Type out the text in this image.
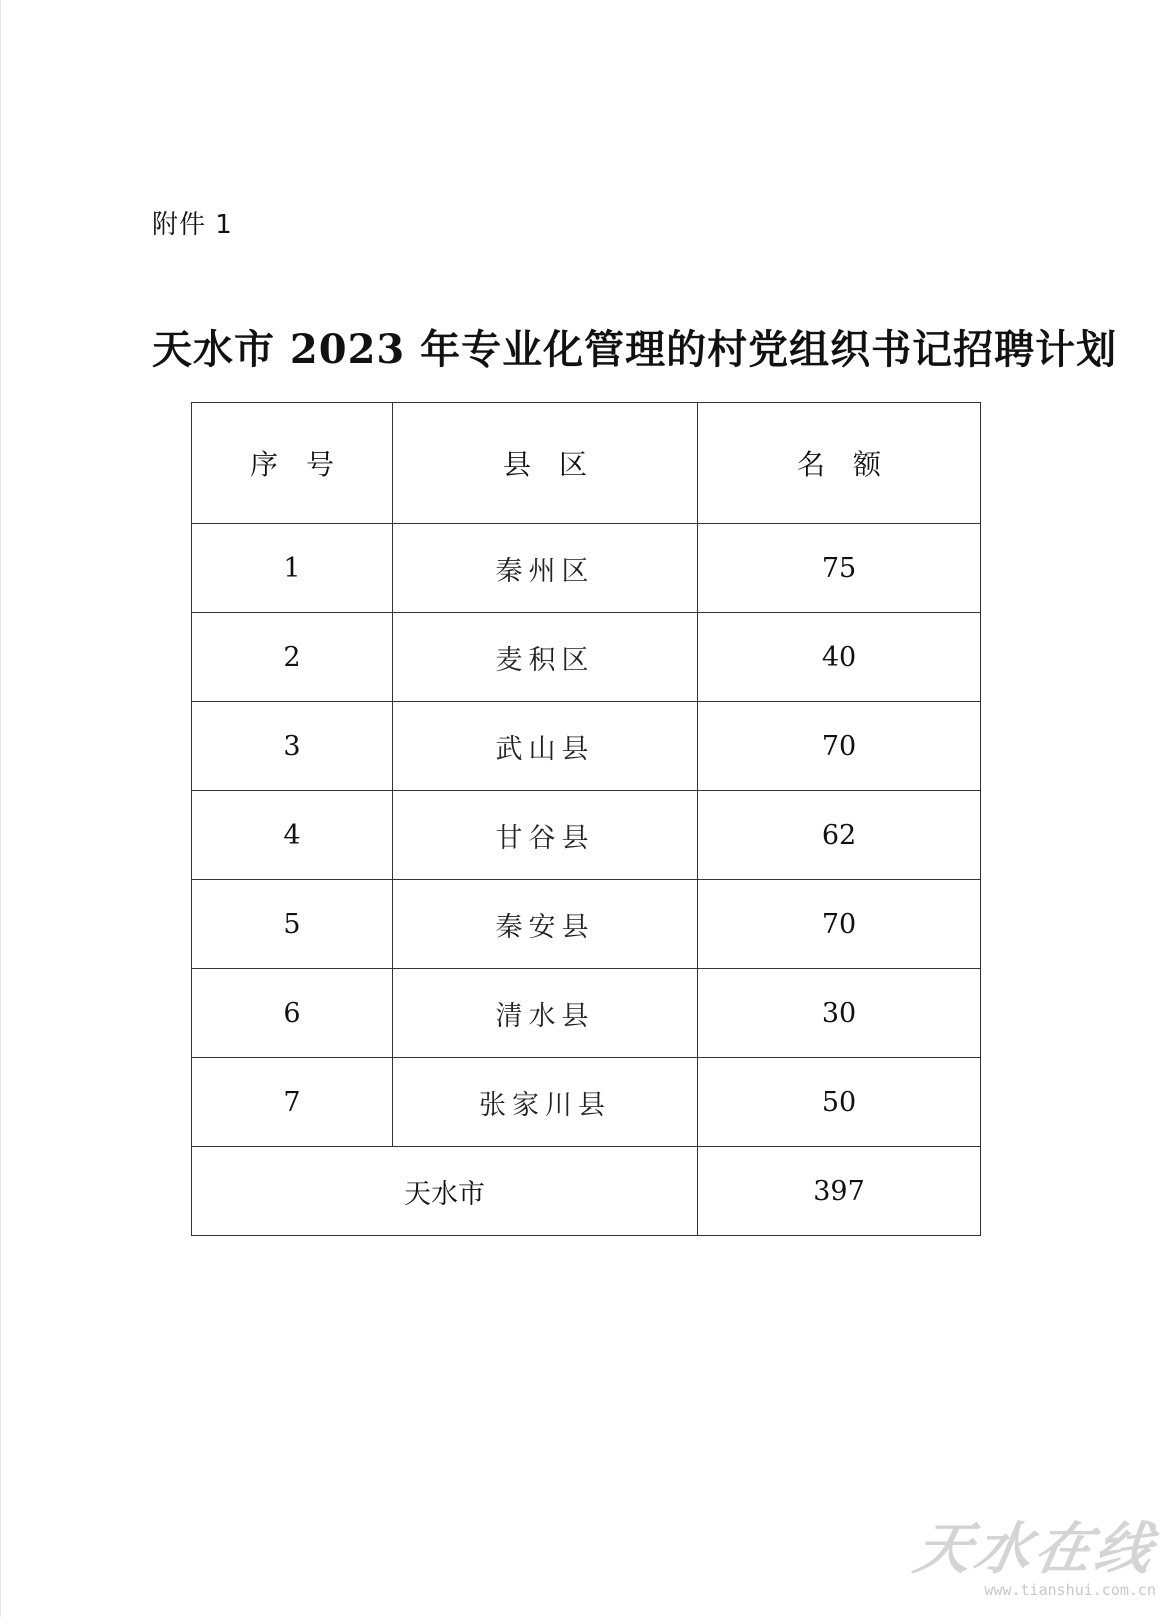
附件 1
天水市 2023 年专业化管理的村党组织书记招聘计划
序　号	县　区	名　额
1	秦州区	75
2	麦积区	40
3	武山县	70
4	甘谷县	62
5	秦安县	70
6	清水县	30
7	张家川县	50
天水市		397
天水在线
www.tianshui.com.cn
